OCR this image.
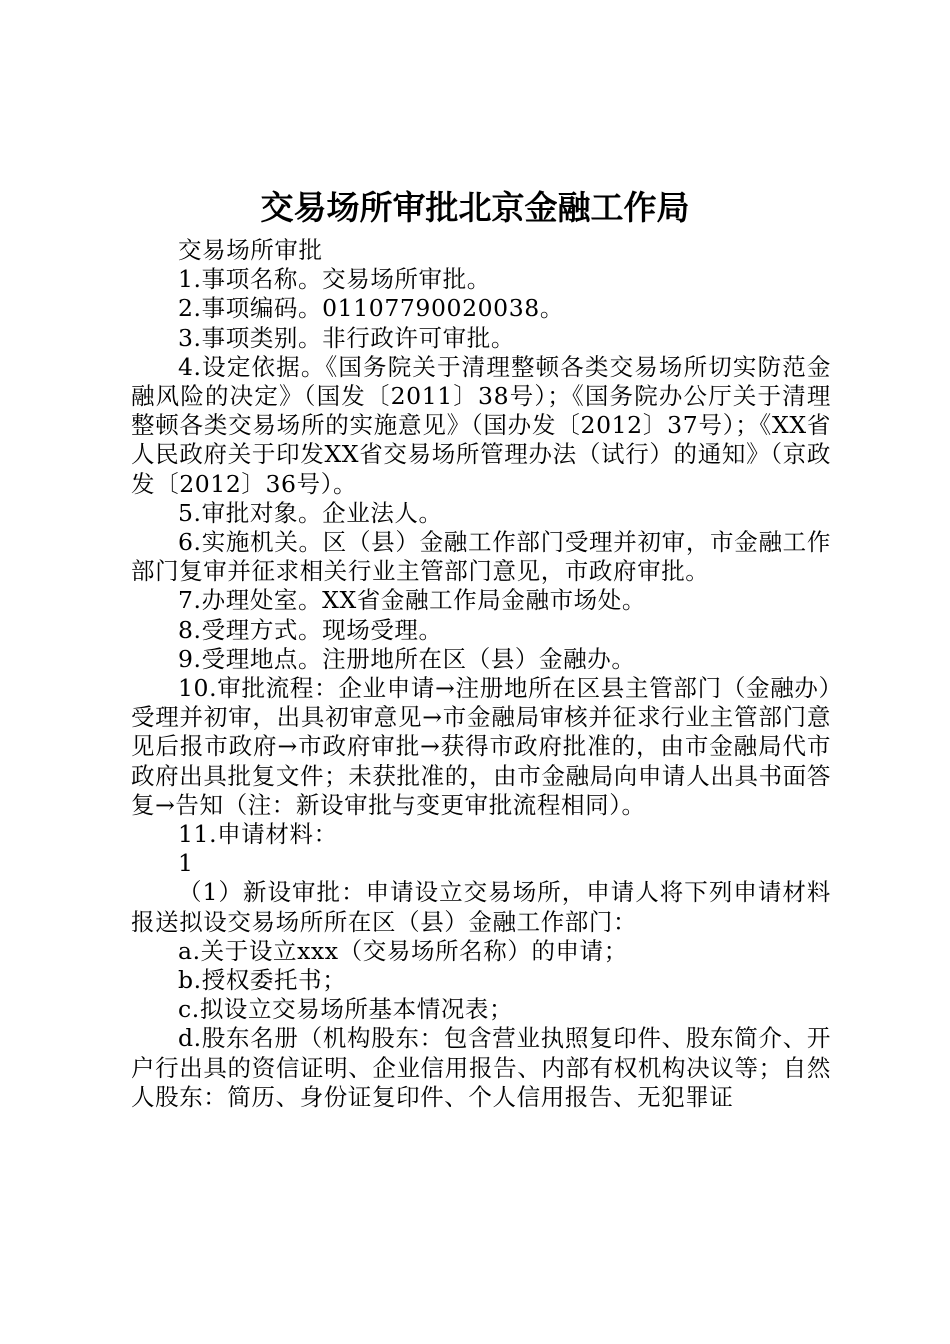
交易场所审批北京金融工作局

交易场所审批

1.事项名称。交易场所审批。

2.事项编码。01107790020038。

3.事项类别。非行政许可审批。

4.设定依据。《国务院关于清理整顿各类交易场所切实防范金融风险的决定》（国发〔2011〕38号）；《国务院办公厅关于清理整顿各类交易场所的实施意见》（国办发〔2012〕37号）；《XX省人民政府关于印发XX省交易场所管理办法（试行）的通知》（京政发〔2012〕36号）。

5.审批对象。企业法人。

6.实施机关。区（县）金融工作部门受理并初审，市金融工作部门复审并征求相关行业主管部门意见，市政府审批。

7.办理处室。XX省金融工作局金融市场处。

8.受理方式。现场受理。

9.受理地点。注册地所在区（县）金融办。

10.审批流程：企业申请→注册地所在区县主管部门（金融办）受理并初审，出具初审意见→市金融局审核并征求行业主管部门意见后报市政府→市政府审批→获得市政府批准的，由市金融局代市政府出具批复文件；未获批准的，由市金融局向申请人出具书面答复→告知（注：新设审批与变更审批流程相同）。

11.申请材料：

1

（1）新设审批：申请设立交易场所，申请人将下列申请材料报送拟设交易场所所在区（县）金融工作部门：

a.关于设立xxx（交易场所名称）的申请；

b.授权委托书；

c.拟设立交易场所基本情况表；

d.股东名册（机构股东：包含营业执照复印件、股东简介、开户行出具的资信证明、企业信用报告、内部有权机构决议等；自然人股东：简历、身份证复印件、个人信用报告、无犯罪证
